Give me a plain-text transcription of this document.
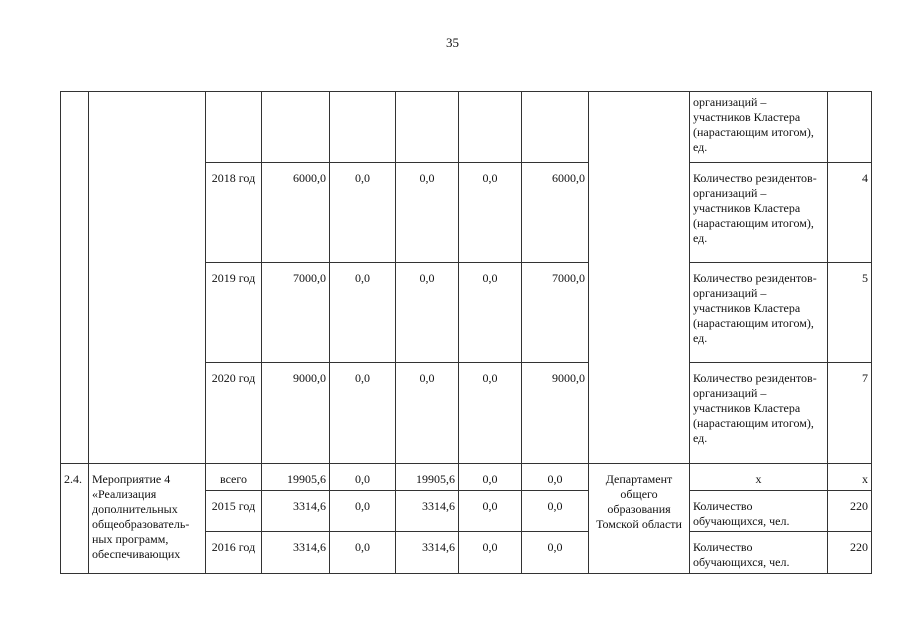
35
									организаций – участников Кластера (нарастающим итогом), ед.	
		2018 год	6000,0	0,0	0,0	0,0	6000,0		Количество резидентов-организаций – участников Кластера (нарастающим итогом), ед.	4
		2019 год	7000,0	0,0	0,0	0,0	7000,0		Количество резидентов-организаций – участников Кластера (нарастающим итогом), ед.	5
		2020 год	9000,0	0,0	0,0	0,0	9000,0		Количество резидентов-организаций – участников Кластера (нарастающим итогом), ед.	7
2.4.	Мероприятие 4 «Реализация дополнительных общеобразователь-ных программ, обеспечивающих	всего	19905,6	0,0	19905,6	0,0	0,0	Департамент общего образования Томской области	x	x
		2015 год	3314,6	0,0	3314,6	0,0	0,0		Количество обучающихся, чел.	220
		2016 год	3314,6	0,0	3314,6	0,0	0,0		Количество обучающихся, чел.	220
